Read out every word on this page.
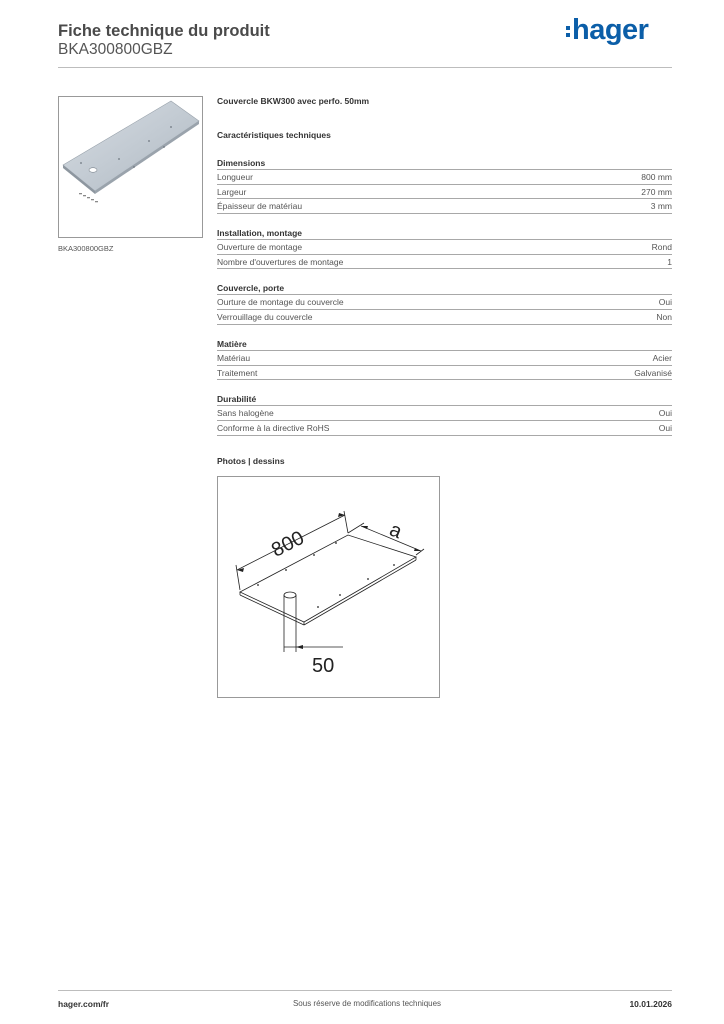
Fiche technique du produit
BKA300800GBZ
hager
BKA300800GBZ
Couvercle BKW300 avec perfo. 50mm
Caractéristiques techniques
Dimensions
Longueur	800 mm
Largeur	270 mm
Épaisseur de matériau	3 mm
Installation, montage
Ouverture de montage	Rond
Nombre d'ouvertures de montage	1
Couvercle, porte
Ourture de montage du couvercle	Oui
Verrouillage du couvercle	Non
Matière
Matériau	Acier
Traitement	Galvanisé
Durabilité
Sans halogène	Oui
Conforme à la directive RoHS	Oui
Photos | dessins
800	a
50
hager.com/fr	Sous réserve de modifications techniques	10.01.2026
